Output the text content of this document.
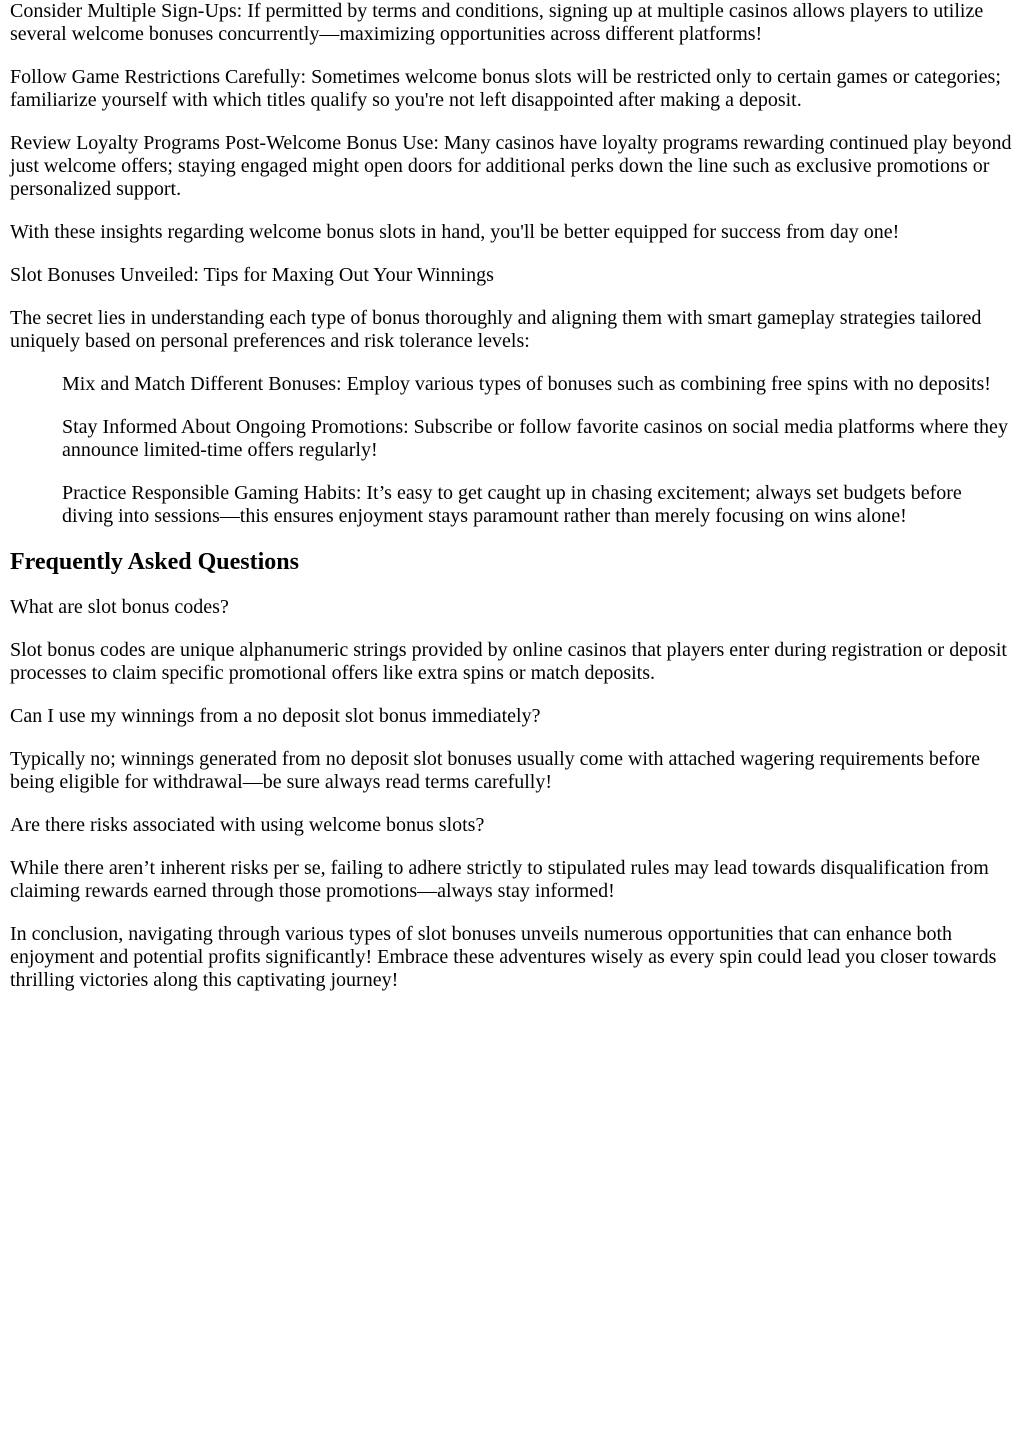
Consider Multiple Sign-Ups: If permitted by terms and conditions, signing up at multiple casinos allows players to utilize several welcome bonuses concurrently—maximizing opportunities across different platforms!

Follow Game Restrictions Carefully: Sometimes welcome bonus slots will be restricted only to certain games or categories; familiarize yourself with which titles qualify so you're not left disappointed after making a deposit.

Review Loyalty Programs Post-Welcome Bonus Use: Many casinos have loyalty programs rewarding continued play beyond just welcome offers; staying engaged might open doors for additional perks down the line such as exclusive promotions or personalized support.

With these insights regarding welcome bonus slots in hand, you'll be better equipped for success from day one!

Slot Bonuses Unveiled: Tips for Maxing Out Your Winnings

The secret lies in understanding each type of bonus thoroughly and aligning them with smart gameplay strategies tailored uniquely based on personal preferences and risk tolerance levels:

Mix and Match Different Bonuses: Employ various types of bonuses such as combining free spins with no deposits!

Stay Informed About Ongoing Promotions: Subscribe or follow favorite casinos on social media platforms where they announce limited-time offers regularly!

Practice Responsible Gaming Habits: It’s easy to get caught up in chasing excitement; always set budgets before diving into sessions—this ensures enjoyment stays paramount rather than merely focusing on wins alone!

Frequently Asked Questions

What are slot bonus codes?

Slot bonus codes are unique alphanumeric strings provided by online casinos that players enter during registration or deposit processes to claim specific promotional offers like extra spins or match deposits.

Can I use my winnings from a no deposit slot bonus immediately?

Typically no; winnings generated from no deposit slot bonuses usually come with attached wagering requirements before being eligible for withdrawal—be sure always read terms carefully!

Are there risks associated with using welcome bonus slots?

While there aren’t inherent risks per se, failing to adhere strictly to stipulated rules may lead towards disqualification from claiming rewards earned through those promotions—always stay informed!

In conclusion, navigating through various types of slot bonuses unveils numerous opportunities that can enhance both enjoyment and potential profits significantly! Embrace these adventures wisely as every spin could lead you closer towards thrilling victories along this captivating journey!
